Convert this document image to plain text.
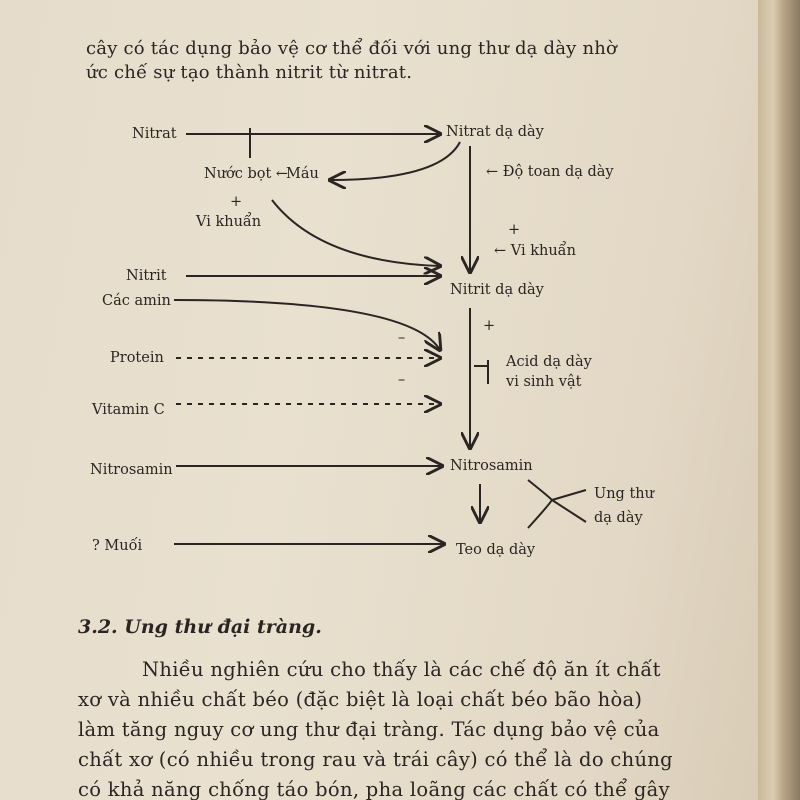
cây có tác dụng bảo vệ cơ thể đối với ung thư dạ dày nhờ
ức chế sự tạo thành nitrit từ nitrat.
Nitrat	Nitrat dạ dày
Nước bọt ←
Máu	← Độ toan dạ dày
+
Vi khuẩn	+
← Vi khuẩn
Nitrit
Nitrit dạ dày
Các amin
+
–
Protein	Acid dạ dày
vi sinh vật
–
Vitamin C
Nitrosamin	Nitrosamin
Ung thư
dạ dày
? Muối	Teo dạ dày
3.2. Ung thư đại tràng.
Nhiều nghiên cứu cho thấy là các chế độ ăn ít chất
xơ và nhiều chất béo (đặc biệt là loại chất béo bão hòa)
làm tăng nguy cơ ung thư đại tràng. Tác dụng bảo vệ của
chất xơ (có nhiều trong rau và trái cây) có thể là do chúng
có khả năng chống táo bón, pha loãng các chất có thể gây
